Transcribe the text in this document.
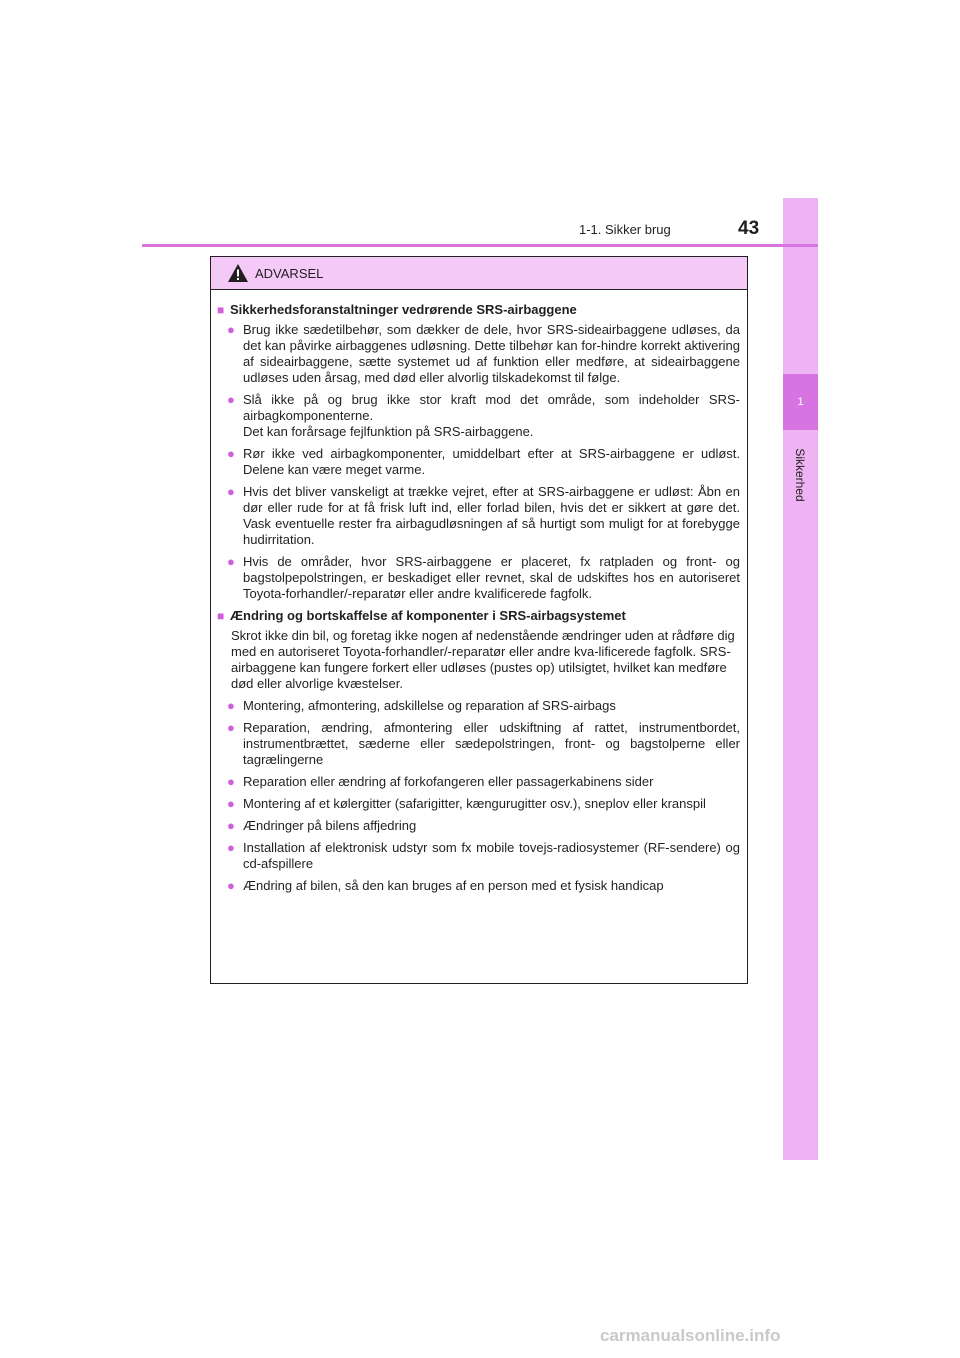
1
Sikkerhed
1-1. Sikker brug	43
ADVARSEL
■ Sikkerhedsforanstaltninger vedrørende SRS-airbaggene
● Brug ikke sædetilbehør, som dækker de dele, hvor SRS-sideairbaggene udløses, da det kan påvirke airbaggenes udløsning. Dette tilbehør kan for-hindre korrekt aktivering af sideairbaggene, sætte systemet ud af funktion eller medføre, at sideairbaggene udløses uden årsag, med død eller alvorlig tilskadekomst til følge.
● Slå ikke på og brug ikke stor kraft mod det område, som indeholder SRS-airbagkomponenterne.
Det kan forårsage fejlfunktion på SRS-airbaggene.
● Rør ikke ved airbagkomponenter, umiddelbart efter at SRS-airbaggene er udløst. Delene kan være meget varme.
● Hvis det bliver vanskeligt at trække vejret, efter at SRS-airbaggene er udløst: Åbn en dør eller rude for at få frisk luft ind, eller forlad bilen, hvis det er sikkert at gøre det. Vask eventuelle rester fra airbagudløsningen af så hurtigt som muligt for at forebygge hudirritation.
● Hvis de områder, hvor SRS-airbaggene er placeret, fx ratpladen og front- og bagstolpepolstringen, er beskadiget eller revnet, skal de udskiftes hos en autoriseret Toyota-forhandler/-reparatør eller andre kvalificerede fagfolk.
■ Ændring og bortskaffelse af komponenter i SRS-airbagsystemet
Skrot ikke din bil, og foretag ikke nogen af nedenstående ændringer uden at rådføre dig med en autoriseret Toyota-forhandler/-reparatør eller andre kva-lificerede fagfolk. SRS-airbaggene kan fungere forkert eller udløses (pustes op) utilsigtet, hvilket kan medføre død eller alvorlige kvæstelser.
● Montering, afmontering, adskillelse og reparation af SRS-airbags
● Reparation, ændring, afmontering eller udskiftning af rattet, instrumentbordet, instrumentbrættet, sæderne eller sædepolstringen, front- og bagstolperne eller tagrælingerne
● Reparation eller ændring af forkofangeren eller passagerkabinens sider
● Montering af et kølergitter (safarigitter, kængurugitter osv.), sneplov eller kranspil
● Ændringer på bilens affjedring
● Installation af elektronisk udstyr som fx mobile tovejs-radiosystemer (RF-sendere) og cd-afspillere
● Ændring af bilen, så den kan bruges af en person med et fysisk handicap
carmanualsonline.info
